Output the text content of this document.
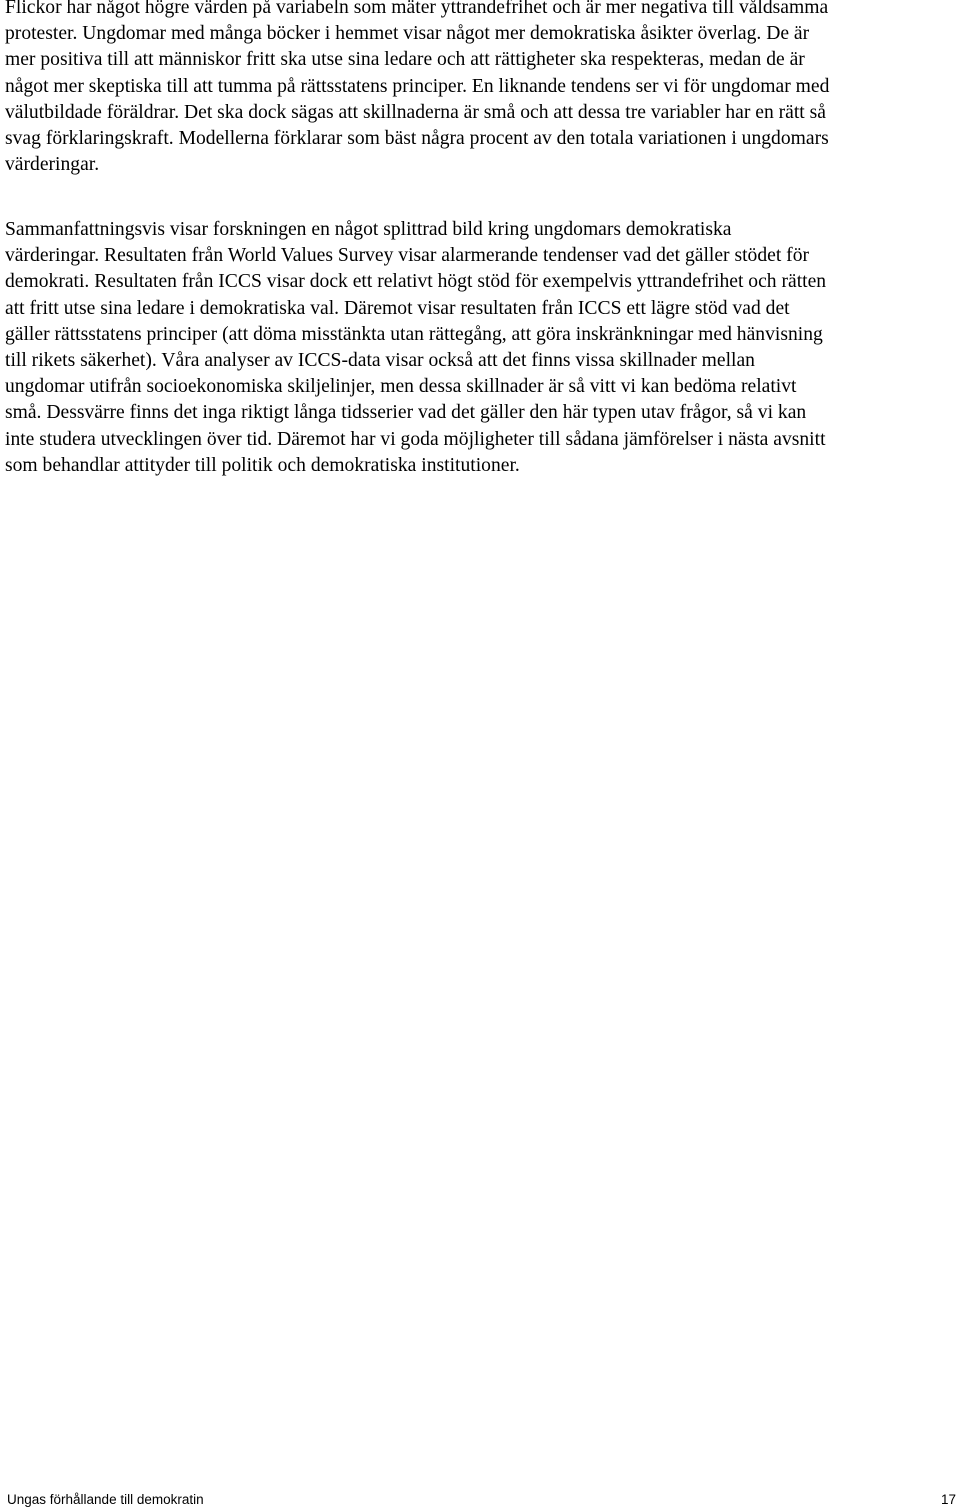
Flickor har något högre värden på variabeln som mäter yttrandefrihet och är mer negativa till våldsamma protester. Ungdomar med många böcker i hemmet visar något mer demokratiska åsikter överlag. De är mer positiva till att människor fritt ska utse sina ledare och att rättigheter ska respekteras, medan de är något mer skeptiska till att tumma på rättsstatens principer. En liknande tendens ser vi för ungdomar med välutbildade föräldrar. Det ska dock sägas att skillnaderna är små och att dessa tre variabler har en rätt så svag förklaringskraft. Modellerna förklarar som bäst några procent av den totala variationen i ungdomars värderingar.

Sammanfattningsvis visar forskningen en något splittrad bild kring ungdomars demokratiska värderingar. Resultaten från World Values Survey visar alarmerande tendenser vad det gäller stödet för demokrati. Resultaten från ICCS visar dock ett relativt högt stöd för exempelvis yttrandefrihet och rätten att fritt utse sina ledare i demokratiska val. Däremot visar resultaten från ICCS ett lägre stöd vad det gäller rättsstatens principer (att döma misstänkta utan rättegång, att göra inskränkningar med hänvisning till rikets säkerhet). Våra analyser av ICCS-data visar också att det finns vissa skillnader mellan ungdomar utifrån socioekonomiska skiljelinjer, men dessa skillnader är så vitt vi kan bedöma relativt små. Dessvärre finns det inga riktigt långa tidsserier vad det gäller den här typen utav frågor, så vi kan inte studera utvecklingen över tid. Däremot har vi goda möjligheter till sådana jämförelser i nästa avsnitt som behandlar attityder till politik och demokratiska institutioner.

Ungas förhållande till demokratin	17
